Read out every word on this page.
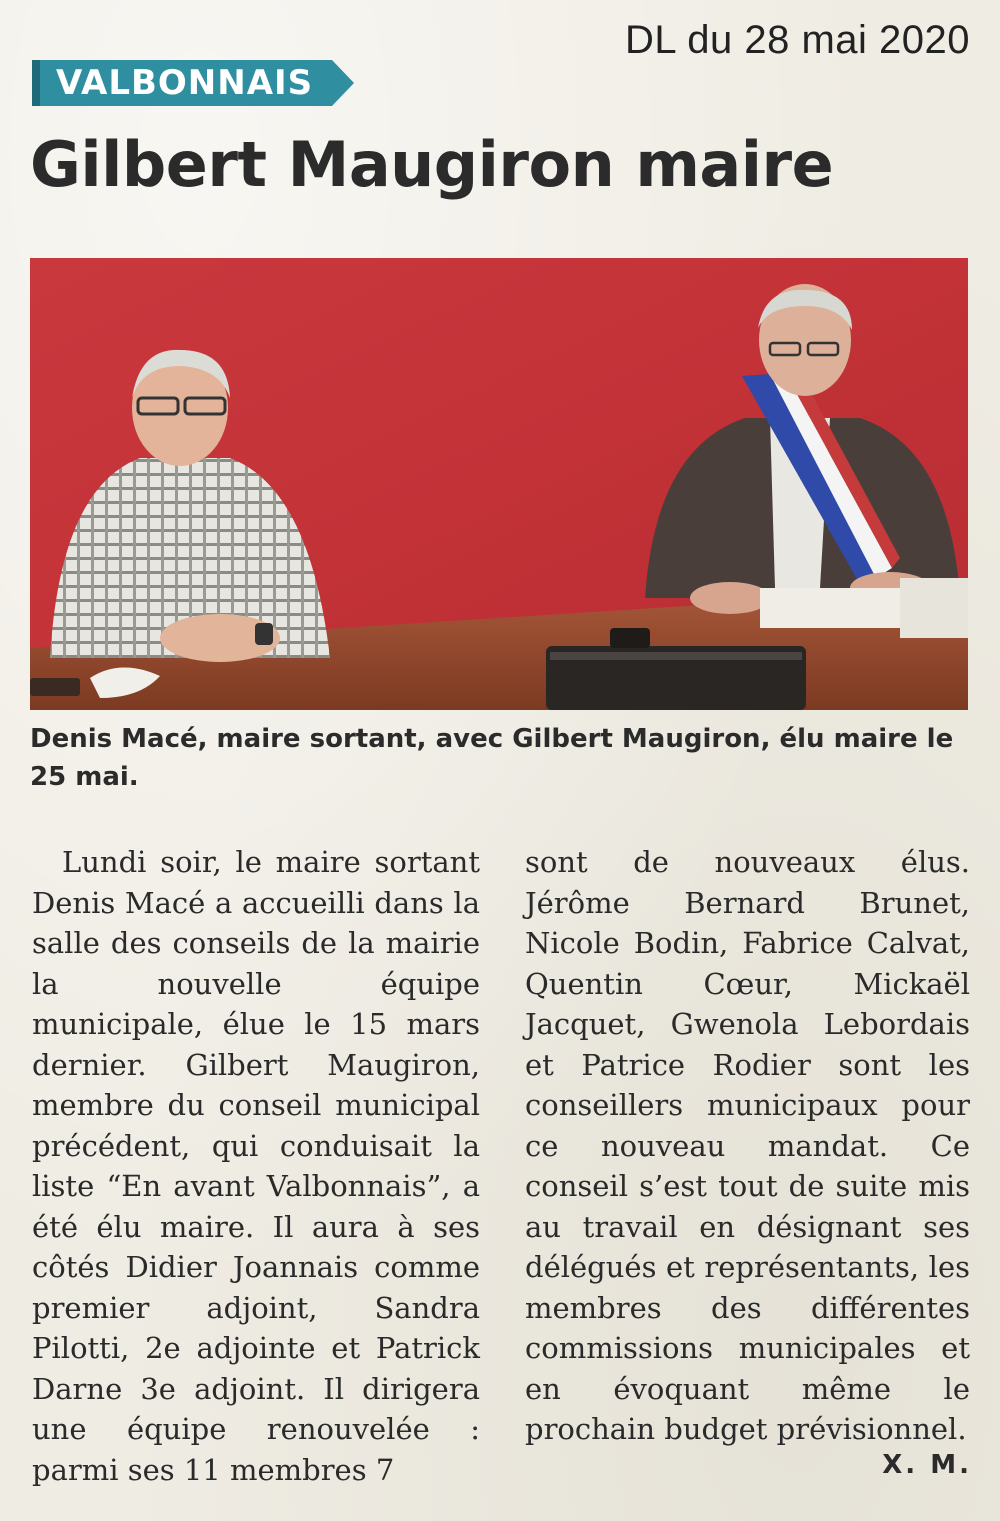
DL du 28 mai 2020
VALBONNAIS
Gilbert Maugiron maire
Denis Macé, maire sortant, avec Gilbert Maugiron, élu maire le 25 mai.
Lundi soir, le maire sortant Denis Macé a accueilli dans la salle des conseils de la mairie la nouvelle équipe municipale, élue le 15 mars dernier. Gilbert Maugiron, membre du conseil municipal précédent, qui conduisait la liste “En avant Valbonnais”, a été élu maire. Il aura à ses côtés Didier Joannais comme premier adjoint, Sandra Pilotti, 2e adjointe et Patrick Darne 3e adjoint. Il dirigera une équipe renouvelée : parmi ses 11 membres 7
sont de nouveaux élus. Jérôme Bernard Brunet, Nicole Bodin, Fabrice Calvat, Quentin Cœur, Mickaël Jacquet, Gwenola Lebordais et Patrice Rodier sont les conseillers municipaux pour ce nouveau mandat. Ce conseil s’est tout de suite mis au travail en désignant ses délégués et représentants, les membres des différentes commissions municipales et en évoquant même le prochain budget prévisionnel.
X. M.
